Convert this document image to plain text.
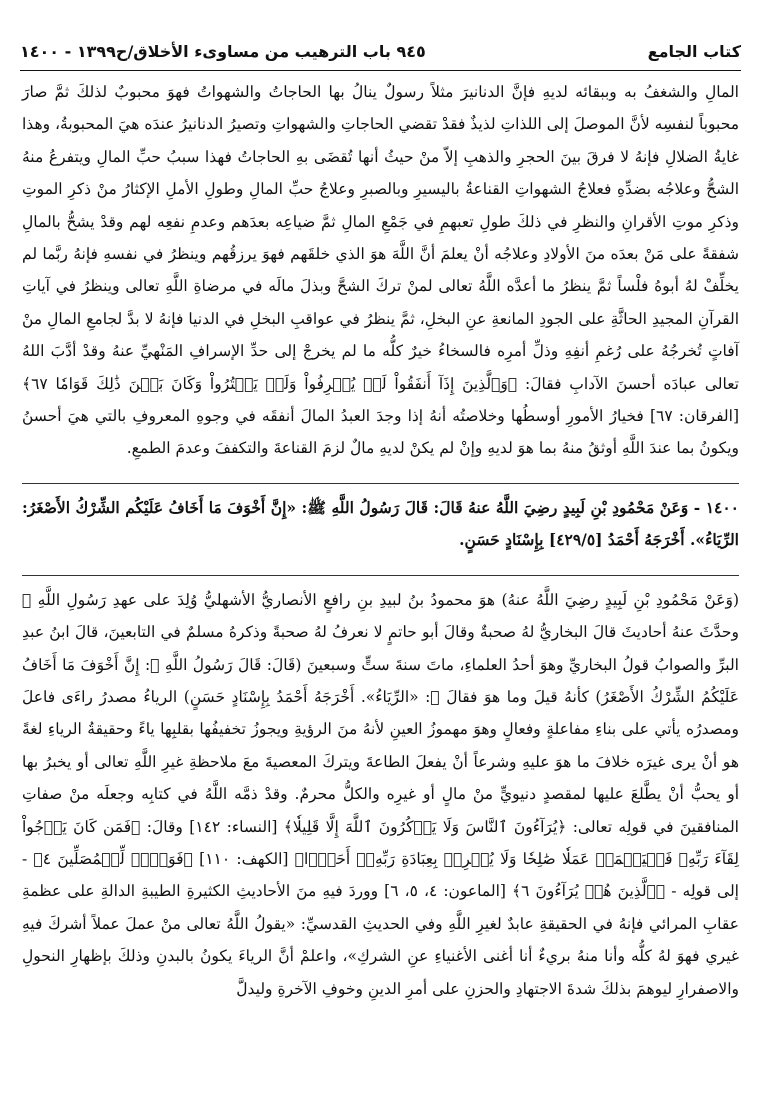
كتاب الجامع
٩٤٥ باب الترهيب من مساوىء الأخلاق/ح١٣٩٩ - ١٤٠٠

المالِ والشغفُ به وببقائه لديهِ فإنَّ الدنانيرَ مثلاً رسولٌ ينالُ بها الحاجاتُ والشهواتُ فهوَ محبوبٌ لذلكَ ثمَّ صارَ محبوباً لنفسِه لأنَّ الموصلَ إلى اللذاتِ لذيذٌ فقدْ تقضي الحاجاتِ والشهواتِ وتصيرُ الدنانيرُ عندَه هيَ المحبوبةُ، وهذا غايةُ الضلالِ فإنهُ لا فرقَ بينَ الحجرِ والذهبِ إلاّ منْ حيثُ أنها تُقضَى بهِ الحاجاتُ فهذا سببُ حبِّ المالِ ويتفرعُ منهُ الشحُّ وعلاجُه بضدِّهِ فعلاجُ الشهواتِ القناعةُ باليسيرِ وبالصبرِ وعلاجُ حبِّ المالِ وطولِ الأملِ الإكثارُ منْ ذكرِ الموتِ وذكرِ موتِ الأقرانِ والنظرِ في ذلكَ طولِ تعبهمِ في جَمْعِ المالِ ثمَّ ضياعِه بعدَهم وعدمِ نفعِه لهم وقدْ يشحُّ بالمالِ شفقةً على مَنْ بعدَه منَ الأولادِ وعلاجُه أنْ يعلمَ أنَّ اللَّهَ هوَ الذي خلقَهم فهوَ يرزقُهم وينظرُ في نفسهِ فإنهُ ربَّما لم يخلِّفْ لهُ أبوهُ فلْساً ثمَّ ينظرُ ما أعدَّه اللَّهُ تعالى لمنْ تركَ الشحَّ وبذلَ مالَه في مرضاةِ اللَّهِ تعالى وينظرُ في آياتِ القرآنِ المجيدِ الحاثَّةِ على الجودِ المانعةِ عنِ البخلِ، ثمَّ ينظرُ في عواقبِ البخلِ في الدنيا فإنهُ لا بدَّ لجامعِ المالِ منْ آفاتٍ تُخرجُهُ على رُغمِ أنفِهِ وذلِّ أمرِه فالسخاءُ خيرٌ كلُّه ما لم يخرجْ إلى حدِّ الإسرافِ المَنْهيِّ عنهُ وقدْ أدَّبَ اللهُ تعالى عبادَه أحسنَ الآدابِ فقالَ: ﴿وَٱلَّذِينَ إِذَآ أَنفَقُواْ لَمۡ يُسۡرِفُواْ وَلَمۡ يَقۡتُرُواْ وَكَانَ بَيۡنَ ذَٰلِكَ قَوَامٗا ٦٧﴾ [الفرقان: ٦٧] فخيارُ الأمورِ أوسطُها وخلاصتُه أنهُ إذا وجدَ العبدُ المالَ أنفقَه في وجوهِ المعروفِ بالتي هيَ أحسنُ ويكونُ بما عندَ اللَّهِ أوثقُ منهُ بما هوَ لديهِ وإنْ لم يكنْ لديهِ مالٌ لزمَ القناعةَ والتكففَ وعدمَ الطمعِ.

١٤٠٠ - وَعَنْ مَحْمُودِ بْنِ لَبِيدٍ رضِيَ اللَّهُ عنهُ قَالَ: قَالَ رَسُولُ اللَّهِ ﷺ: «إِنَّ أَخْوَفَ مَا أَخَافُ عَلَيْكُم الشِّرْكُ الأَصْغَرُ: الرِّيَاءُ». أَخْرَجَهُ أَحْمَدُ [٤٢٩/٥] بِإِسْنَادٍ حَسَنٍ.

(وَعَنْ مَحْمُودِ بْنِ لَبِيدٍ رضِيَ اللَّهُ عنهُ) هوَ محمودُ بنُ لبيدِ بنِ رافعٍ الأنصاريُّ الأشهليُّ وُلِدَ على عهدِ رَسُولِ اللَّهِ ﷺ وحدَّثَ عنهُ أحاديثَ قالَ البخاريُّ لهُ صحبةٌ وقالَ أبو حاتمٍ لا نعرفُ لهُ صحبةً وذكرهُ مسلمٌ في التابعينَ، قالَ ابنُ عبدِ البرِّ والصوابُ قولُ البخاريِّ وهوَ أحدُ العلماءِ، ماتَ سنةَ ستٍّ وسبعينَ (قَالَ: قَالَ رَسُولُ اللَّهِ ﷺ: إِنَّ أَخْوَفَ مَا أَخَافُ عَلَيْكُمُ الشِّرْكُ الأَصْغَرُ) كأنهُ قيلَ وما هوَ فقالَ ﷺ: «الرِّيَاءُ». أَخْرَجَهُ أَحْمَدُ بِإِسْنَادٍ حَسَنٍ) الرياءُ مصدرُ راءَى فاعلَ ومصدرُه يأتي على بناءِ مفاعلةٍ وفعالٍ وهوَ مهموزُ العينِ لأنهُ منَ الرؤيةِ ويجوزُ تخفيفُها بقلبِها ياءً وحقيقةُ الرياءِ لغةً هو أنْ يرى غيرَه خلافَ ما هوَ عليهِ وشرعاً أنْ يفعلَ الطاعةَ ويتركَ المعصيةَ معَ ملاحظةِ غيرِ اللَّهِ تعالى أو يخبرُ بها أو يحبُّ أنْ يطَّلعَ عليها لمقصدٍ دنيويٍّ منْ مالٍ أو غيرِه والكلُّ محرمٌ. وقدْ ذمَّه اللَّهُ في كتابِه وجعلَه منْ صفاتِ المنافقينَ في قولِه تعالى: ﴿يُرَآءُونَ ٱلنَّاسَ وَلَا يَذۡكُرُونَ ٱللَّهَ إِلَّا قَلِيلٗا﴾ [النساء: ١٤٢] وقالَ: ﴿فَمَن كَانَ يَرۡجُواْ لِقَآءَ رَبِّهِۦ فَلۡيَعۡمَلۡ عَمَلٗا صَٰلِحٗا وَلَا يُشۡرِكۡ بِعِبَادَةِ رَبِّهِۦٓ أَحَدَۢا﴾ [الكهف: ١١٠] ﴿فَوَيۡلٞ لِّلۡمُصَلِّينَ ٤﴾ - إلى قولِه - ﴿ٱلَّذِينَ هُمۡ يُرَآءُونَ ٦﴾ [الماعون: ٤، ٥، ٦] ووردَ فيهِ منَ الأحاديثِ الكثيرةِ الطيبةِ الدالةِ على عظمةِ عقابِ المرائي فإنهُ في الحقيقةِ عابدٌ لغيرِ اللَّهِ وفي الحديثِ القدسيِّ: «يقولُ اللَّهُ تعالى منْ عملَ عملاً أشركَ فيهِ غيري فهوَ لهُ كلُّه وأنا منهُ بريءٌ أنا أغنى الأغنياءِ عنِ الشركِ»، واعلمْ أنَّ الرياءَ يكونُ بالبدنِ وذلكَ بإظهارِ النحولِ والاصفرارِ ليوهمَ بذلكَ شدةَ الاجتهادِ والحزنِ على أمرِ الدينِ وخوفِ الآخرةِ وليدلَّ
